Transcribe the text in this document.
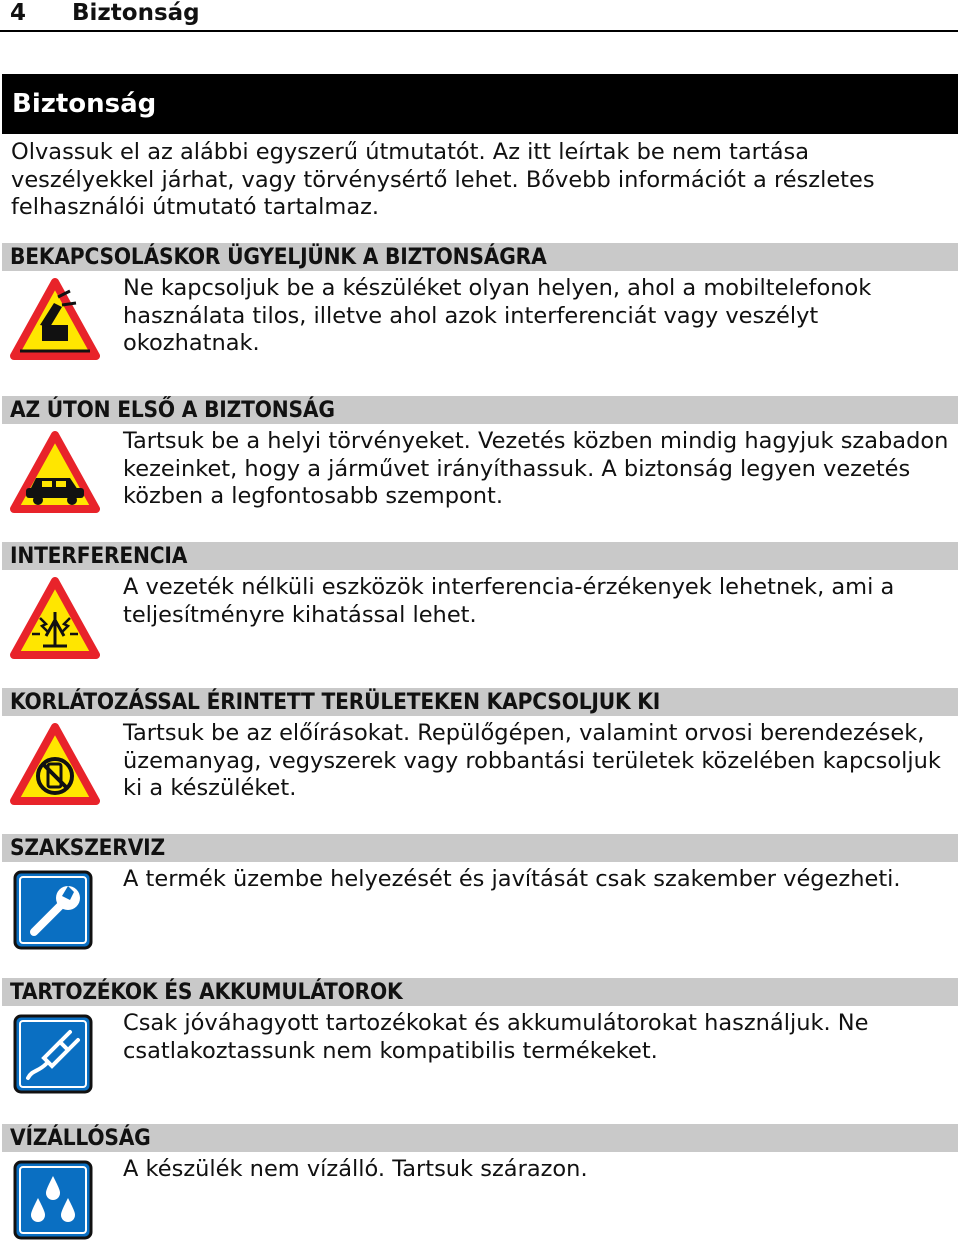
4 Biztonság
Biztonság

Olvassuk el az alábbi egyszerű útmutatót. Az itt leírtak be nem tartása veszélyekkel járhat, vagy törvénysértő lehet. Bővebb információt a részletes felhasználói útmutató tartalmaz.

BEKAPCSOLÁSKOR ÜGYELJÜNK A BIZTONSÁGRA

Ne kapcsoljuk be a készüléket olyan helyen, ahol a mobiltelefonok használata tilos, illetve ahol azok interferenciát vagy veszélyt okozhatnak.

AZ ÚTON ELSŐ A BIZTONSÁG

Tartsuk be a helyi törvényeket. Vezetés közben mindig hagyjuk szabadon kezeinket, hogy a járművet irányíthassuk. A biztonság legyen vezetés közben a legfontosabb szempont.

INTERFERENCIA

A vezeték nélküli eszközök interferencia-érzékenyek lehetnek, ami a teljesítményre kihatással lehet.

KORLÁTOZÁSSAL ÉRINTETT TERÜLETEKEN KAPCSOLJUK KI

Tartsuk be az előírásokat. Repülőgépen, valamint orvosi berendezések, üzemanyag, vegyszerek vagy robbantási területek közelében kapcsoljuk ki a készüléket.

SZAKSZERVIZ

A termék üzembe helyezését és javítását csak szakember végezheti.

TARTOZÉKOK ÉS AKKUMULÁTOROK

Csak jóváhagyott tartozékokat és akkumulátorokat használjuk. Ne csatlakoztassunk nem kompatibilis termékeket.

VÍZÁLLÓSÁG

A készülék nem vízálló. Tartsuk szárazon.
